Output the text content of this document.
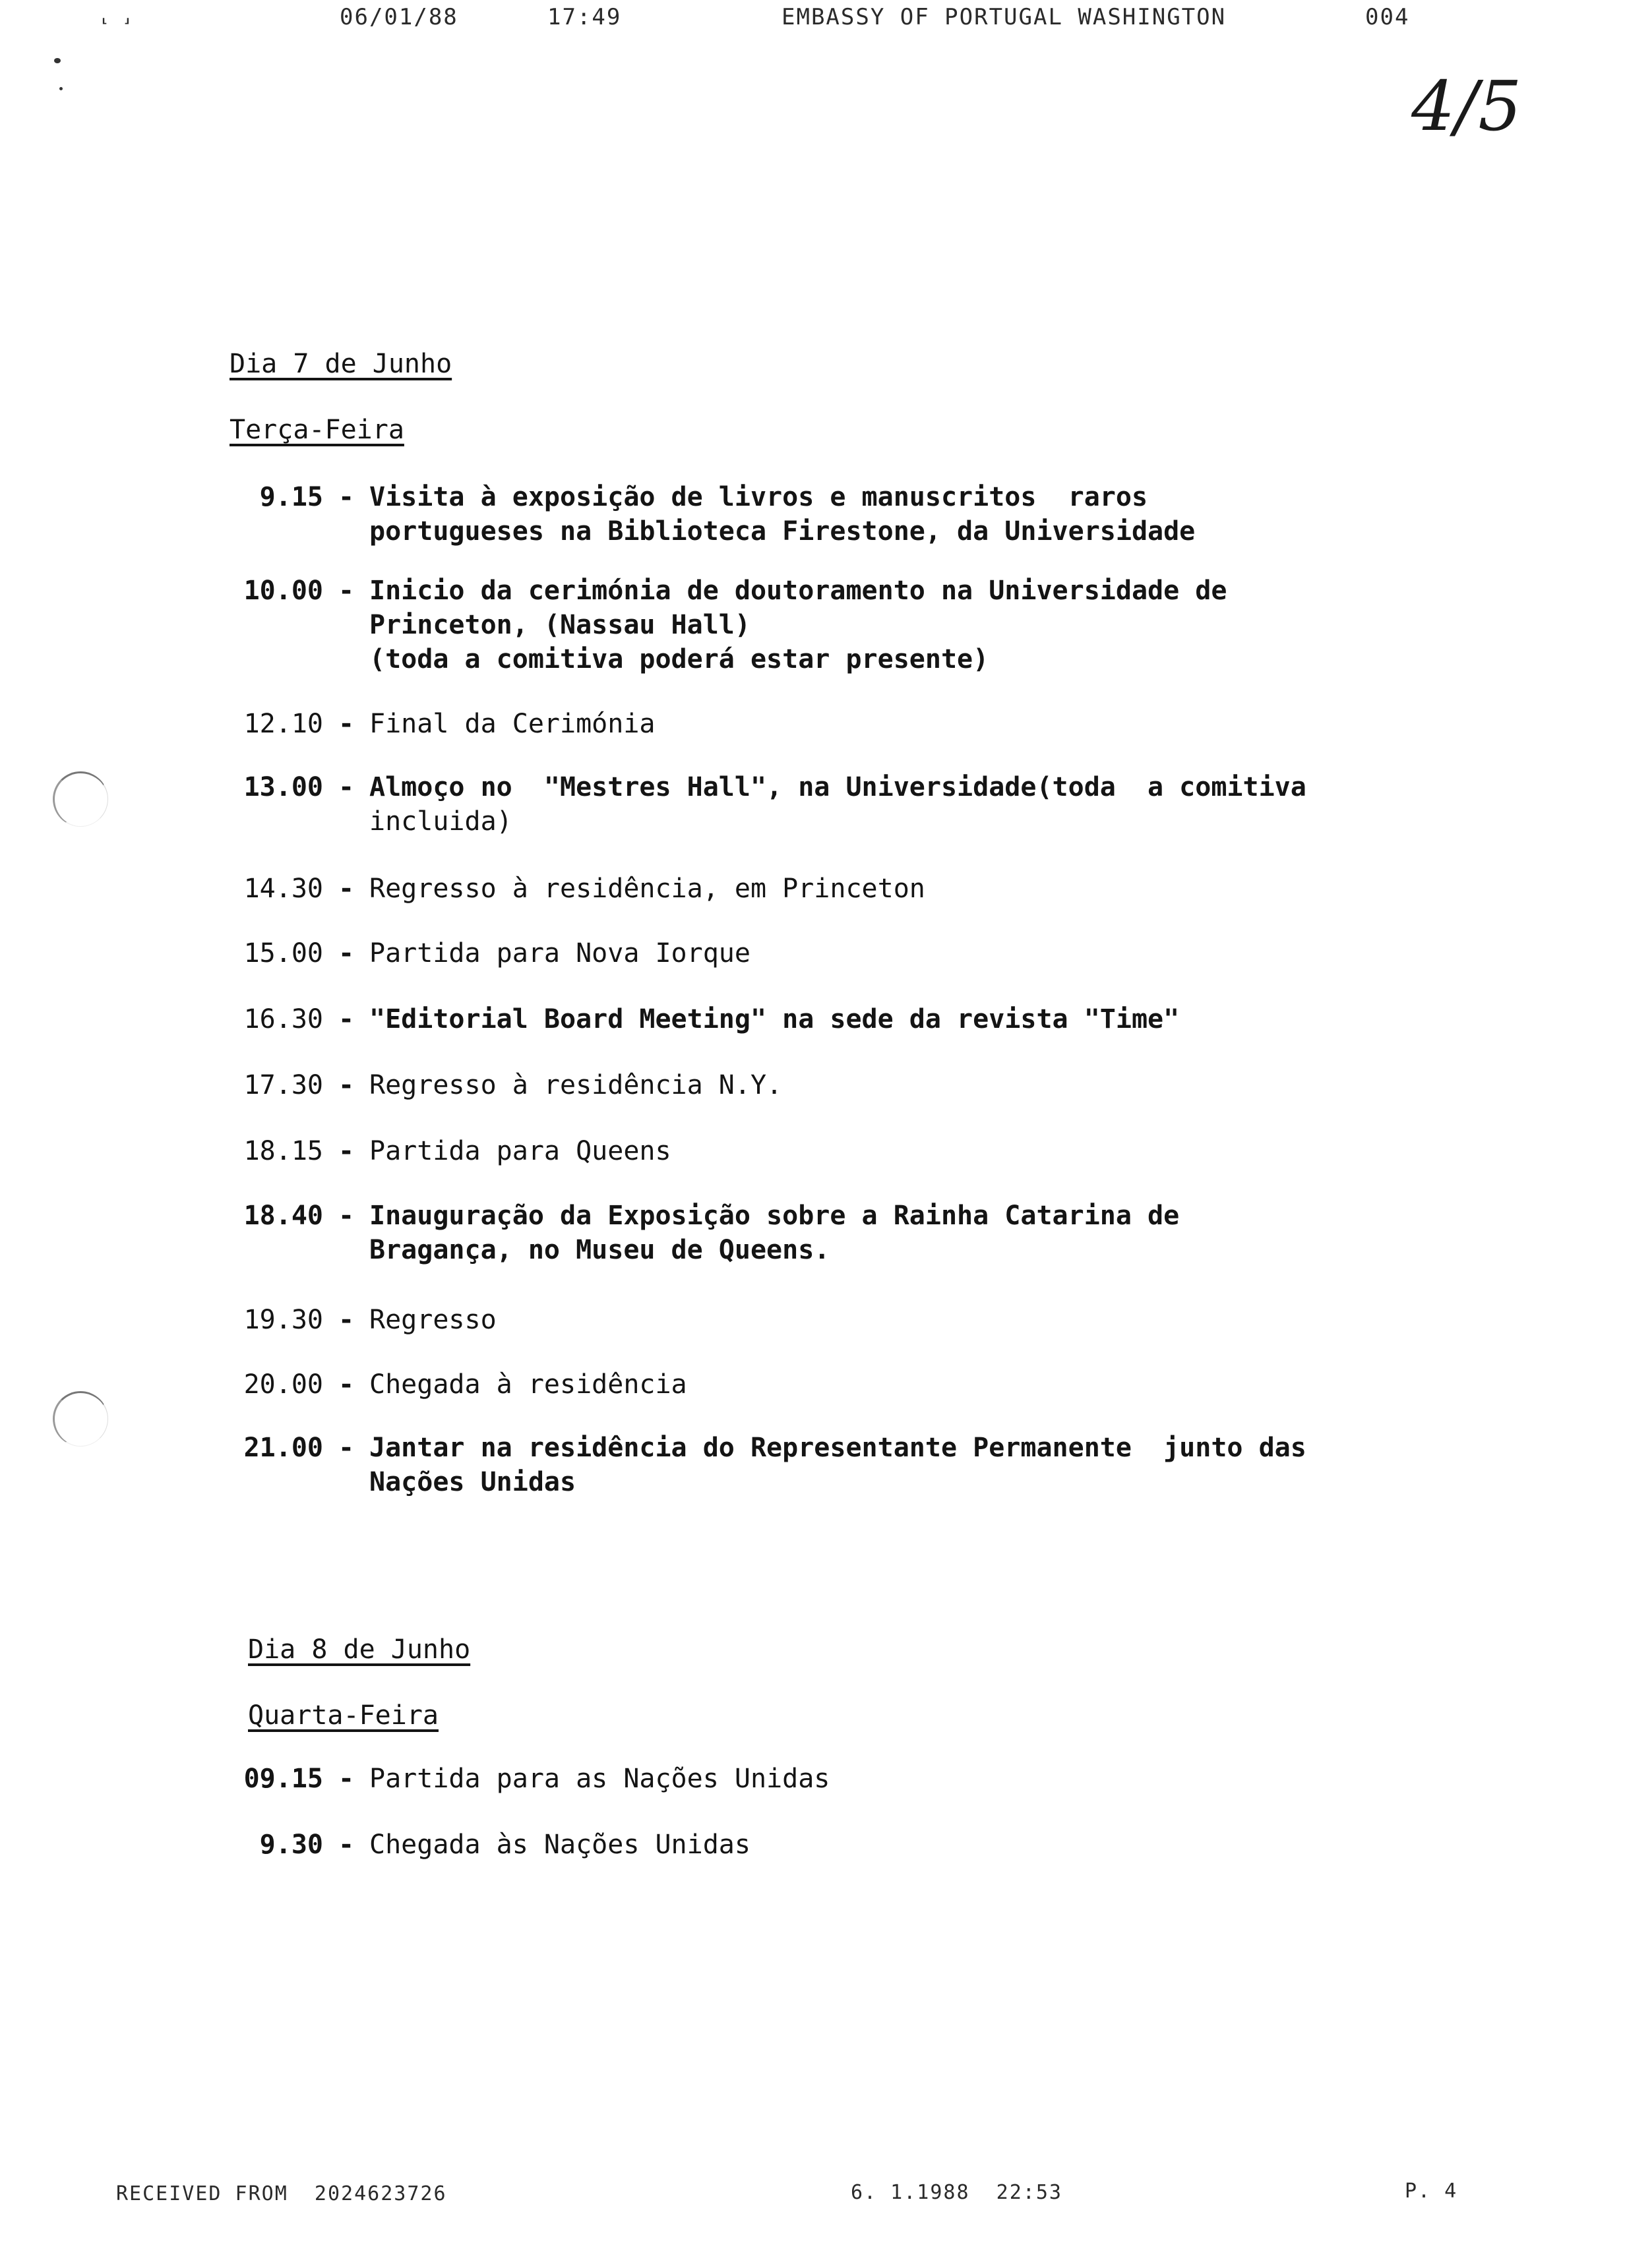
⸤ ⸥

	06/01/88

	17:49

	EMBASSY OF PORTUGAL WASHINGTON

	004

4/5
Dia 7 de Junho
Terça-Feira
9.15 - Visita à exposição de livros e manuscritos  raros
portugueses na Biblioteca Firestone, da Universidade
10.00 - Inicio da cerimónia de doutoramento na Universidade de
Princeton, (Nassau Hall)
(toda a comitiva poderá estar presente)
12.10 - Final da Cerimónia
13.00 - Almoço no  "Mestres Hall", na Universidade(toda  a comitiva
incluida)
14.30 - Regresso à residência, em Princeton
15.00 - Partida para Nova Iorque
16.30 - "Editorial Board Meeting" na sede da revista "Time"
17.30 - Regresso à residência N.Y.
18.15 - Partida para Queens
18.40 - Inauguração da Exposição sobre a Rainha Catarina de
Bragança, no Museu de Queens.
19.30 - Regresso
20.00 - Chegada à residência
21.00 - Jantar na residência do Representante Permanente  junto das
Nações Unidas
Dia 8 de Junho
Quarta-Feira
09.15 - Partida para as Nações Unidas
9.30 - Chegada às Nações Unidas

RECEIVED FROM  2024623726

	6. 1.1988  22:53

	P. 4
